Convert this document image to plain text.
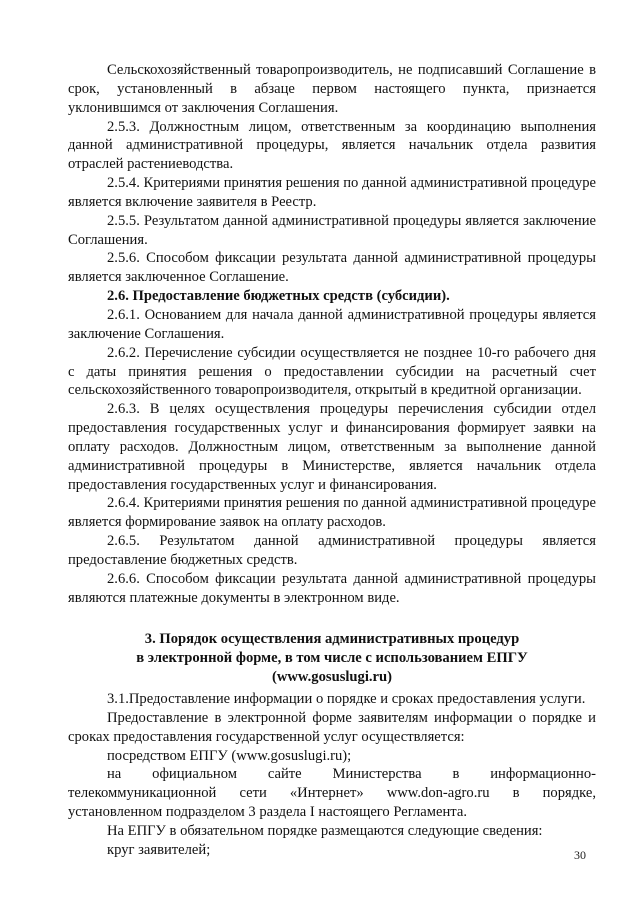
Сельскохозяйственный товаропроизводитель, не подписавший Соглашение в срок, установленный в абзаце первом настоящего пункта, признается уклонившимся от заключения Соглашения.

2.5.3. Должностным лицом, ответственным за координацию выполнения данной административной процедуры, является начальник отдела развития отраслей растениеводства.

2.5.4. Критериями принятия решения по данной административной процедуре является включение заявителя в Реестр.

2.5.5. Результатом данной административной процедуры является заключение Соглашения.

2.5.6. Способом фиксации результата данной административной процедуры является заключенное Соглашение.

2.6. Предоставление бюджетных средств (субсидии).

2.6.1. Основанием для начала данной административной процедуры является заключение Соглашения.

2.6.2. Перечисление субсидии осуществляется не позднее 10-го рабочего дня с даты принятия решения о предоставлении субсидии на расчетный счет сельскохозяйственного товаропроизводителя, открытый в кредитной организации.

2.6.3. В целях осуществления процедуры перечисления субсидии отдел предоставления государственных услуг и финансирования формирует заявки на оплату расходов. Должностным лицом, ответственным за выполнение данной административной процедуры в Министерстве, является начальник отдела предоставления государственных услуг и финансирования.

2.6.4. Критериями принятия решения по данной административной процедуре является формирование заявок на оплату расходов.

2.6.5. Результатом данной административной процедуры является предоставление бюджетных средств.

2.6.6. Способом фиксации результата данной административной процедуры являются платежные документы в электронном виде.

3. Порядок осуществления административных процедур
в электронной форме, в том числе с использованием ЕПГУ
(www.gosuslugi.ru)

3.1.Предоставление информации о порядке и сроках предоставления услуги.

Предоставление в электронной форме заявителям информации о порядке и сроках предоставления государственной услуг осуществляется:

посредством ЕПГУ (www.gosuslugi.ru);

на официальном сайте Министерства в информационно-телекоммуникационной сети «Интернет» www.don-agro.ru в порядке, установленном подразделом 3 раздела I настоящего Регламента.

На ЕПГУ в обязательном порядке размещаются следующие сведения:

круг заявителей;	30
